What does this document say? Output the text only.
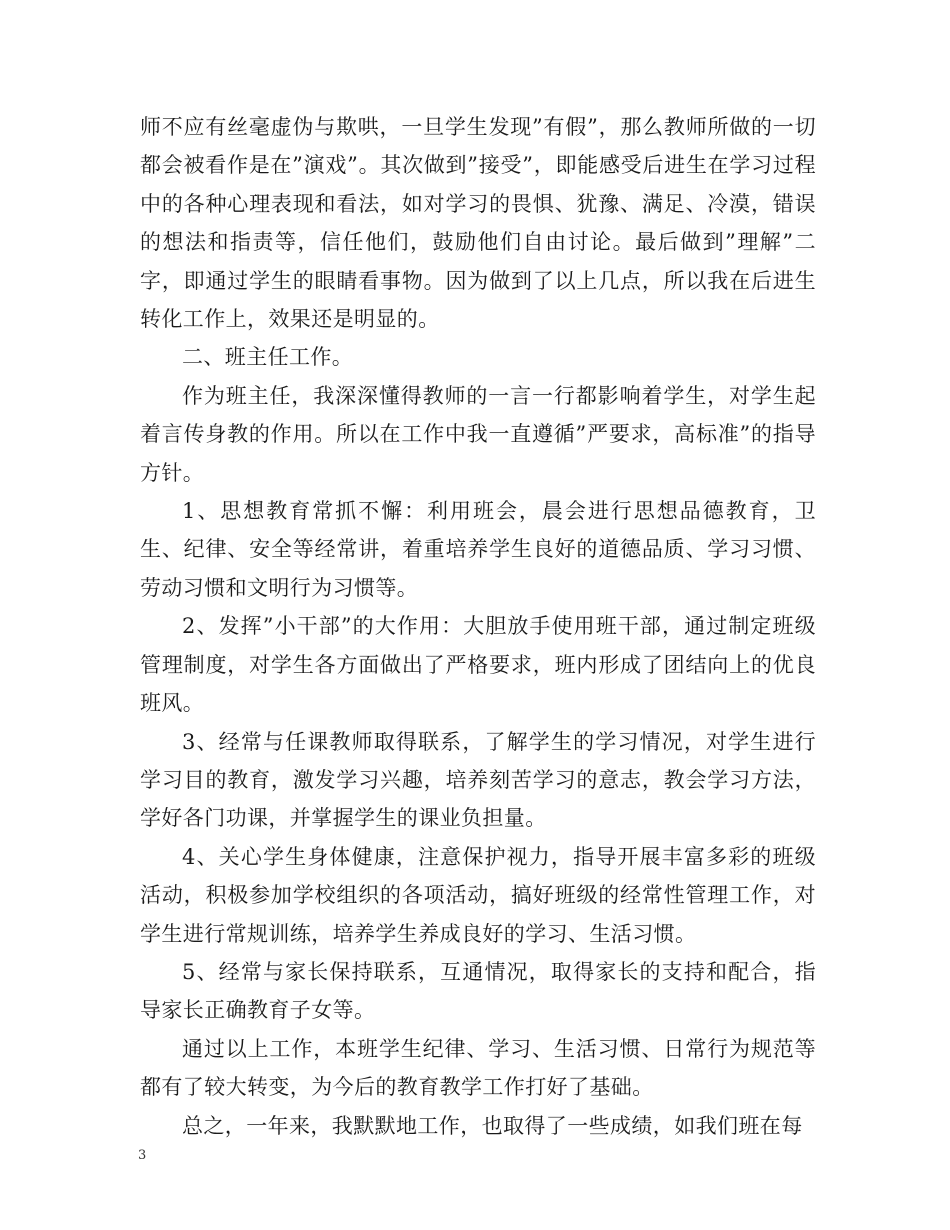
师不应有丝毫虚伪与欺哄，一旦学生发现”有假”，那么教师所做的一切都会被看作是在”演戏”。其次做到”接受”，即能感受后进生在学习过程中的各种心理表现和看法，如对学习的畏惧、犹豫、满足、冷漠，错误的想法和指责等，信任他们，鼓励他们自由讨论。最后做到”理解”二字，即通过学生的眼睛看事物。因为做到了以上几点，所以我在后进生转化工作上，效果还是明显的。

二、班主任工作。

作为班主任，我深深懂得教师的一言一行都影响着学生，对学生起着言传身教的作用。所以在工作中我一直遵循”严要求，高标准”的指导方针。

1、思想教育常抓不懈：利用班会，晨会进行思想品德教育，卫生、纪律、安全等经常讲，着重培养学生良好的道德品质、学习习惯、劳动习惯和文明行为习惯等。

2、发挥”小干部”的大作用：大胆放手使用班干部，通过制定班级管理制度，对学生各方面做出了严格要求，班内形成了团结向上的优良班风。

3、经常与任课教师取得联系，了解学生的学习情况，对学生进行学习目的教育，激发学习兴趣，培养刻苦学习的意志，教会学习方法，学好各门功课，并掌握学生的课业负担量。

4、关心学生身体健康，注意保护视力，指导开展丰富多彩的班级活动，积极参加学校组织的各项活动，搞好班级的经常性管理工作，对学生进行常规训练，培养学生养成良好的学习、生活习惯。

5、经常与家长保持联系，互通情况，取得家长的支持和配合，指导家长正确教育子女等。

通过以上工作，本班学生纪律、学习、生活习惯、日常行为规范等都有了较大转变，为今后的教育教学工作打好了基础。

总之，一年来，我默默地工作，也取得了一些成绩，如我们班在每

3
